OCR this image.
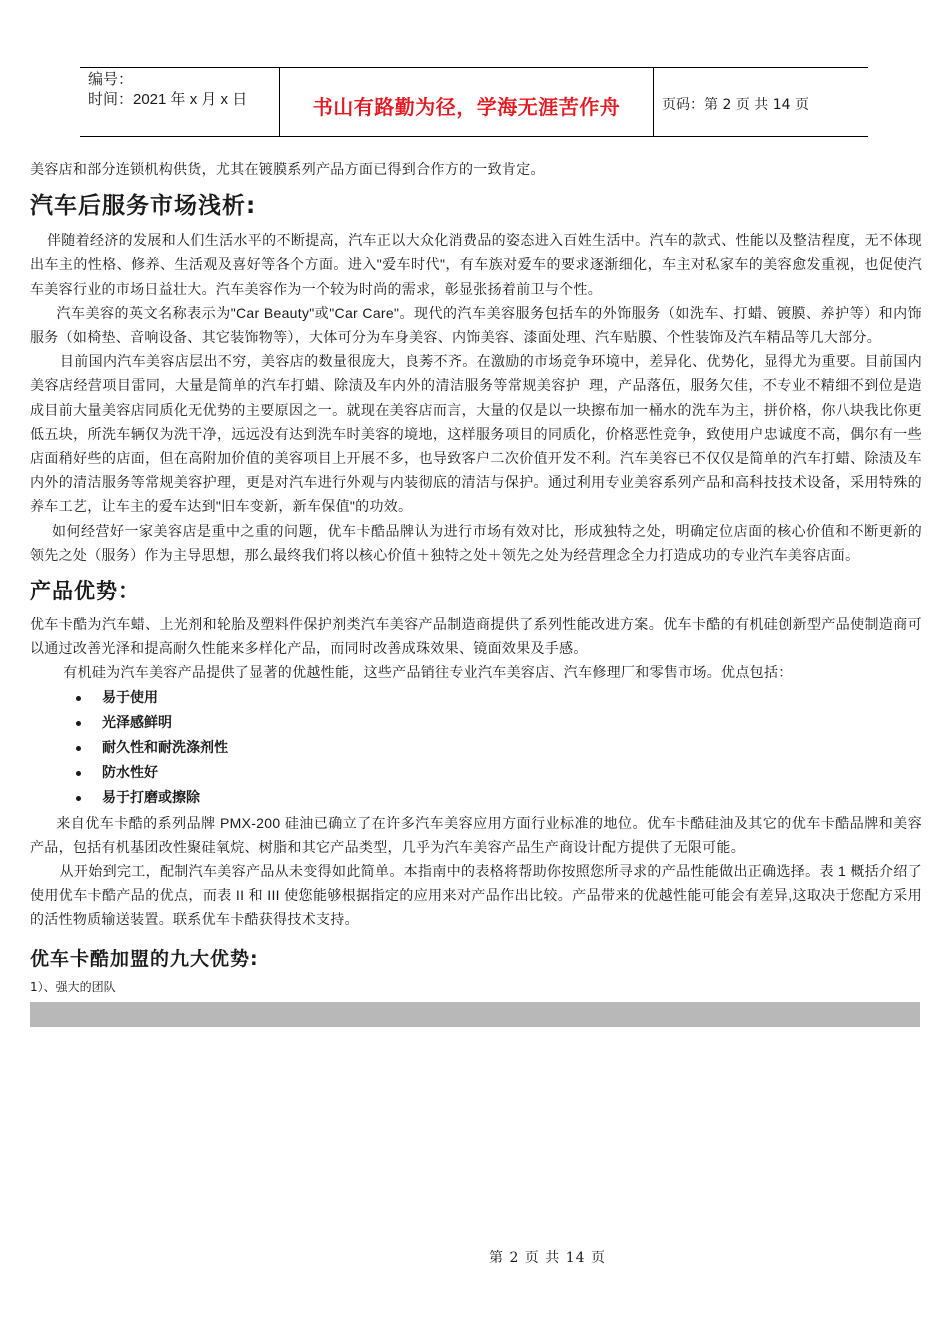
编号：
时间：2021 年 x 月 x 日	书山有路勤为径，学海无涯苦作舟	页码：第 2 页 共 14 页

美容店和部分连锁机构供货，尤其在镀膜系列产品方面已得到合作方的一致肯定。

汽车后服务市场浅析:

伴随着经济的发展和人们生活水平的不断提高，汽车正以大众化消费品的姿态进入百姓生活中。汽车的款式、性能以及整洁程度，无不体现出车主的性格、修养、生活观及喜好等各个方面。进入"爱车时代"，有车族对爱车的要求逐渐细化，车主对私家车的美容愈发重视，也促使汽车美容行业的市场日益壮大。汽车美容作为一个较为时尚的需求，彰显张扬着前卫与个性。

汽车美容的英文名称表示为"Car Beauty"或"Car Care"。现代的汽车美容服务包括车的外饰服务（如洗车、打蜡、镀膜、养护等）和内饰服务（如椅垫、音响设备、其它装饰物等），大体可分为车身美容、内饰美容、漆面处理、汽车贴膜、个性装饰及汽车精品等几大部分。

目前国内汽车美容店层出不穷，美容店的数量很庞大，良莠不齐。在激励的市场竞争环境中，差异化、优势化，显得尤为重要。目前国内美容店经营项目雷同，大量是简单的汽车打蜡、除渍及车内外的清洁服务等常规美容护  理，产品落伍，服务欠佳，不专业不精细不到位是造成目前大量美容店同质化无优势的主要原因之一。就现在美容店而言，大量的仅是以一块擦布加一桶水的洗车为主，拼价格，你八块我比你更低五块，所洗车辆仅为洗干净，远远没有达到洗车时美容的境地，这样服务项目的同质化，价格恶性竞争，致使用户忠诚度不高，偶尔有一些店面稍好些的店面，但在高附加价值的美容项目上开展不多，也导致客户二次价值开发不利。汽车美容已不仅仅是简单的汽车打蜡、除渍及车内外的清洁服务等常规美容护理，更是对汽车进行外观与内装彻底的清洁与保护。通过利用专业美容系列产品和高科技技术设备，采用特殊的养车工艺，让车主的爱车达到"旧车变新，新车保值"的功效。

如何经营好一家美容店是重中之重的问题，优车卡酷品牌认为进行市场有效对比，形成独特之处，明确定位店面的核心价值和不断更新的领先之处（服务）作为主导思想，那么最终我们将以核心价值＋独特之处＋领先之处为经营理念全力打造成功的专业汽车美容店面。

产品优势：

优车卡酷为汽车蜡、上光剂和轮胎及塑料件保护剂类汽车美容产品制造商提供了系列性能改进方案。优车卡酷的有机硅创新型产品使制造商可以通过改善光泽和提高耐久性能来多样化产品，而同时改善成珠效果、镜面效果及手感。

有机硅为汽车美容产品提供了显著的优越性能，这些产品销往专业汽车美容店、汽车修理厂和零售市场。优点包括：

易于使用
光泽感鲜明
耐久性和耐洗涤剂性
防水性好
易于打磨或擦除

来自优车卡酷的系列品牌 PMX-200 硅油已确立了在许多汽车美容应用方面行业标准的地位。优车卡酷硅油及其它的优车卡酷品牌和美容产品，包括有机基团改性聚硅氧烷、树脂和其它产品类型，几乎为汽车美容产品生产商设计配方提供了无限可能。

从开始到完工，配制汽车美容产品从未变得如此简单。本指南中的表格将帮助你按照您所寻求的产品性能做出正确选择。表 1 概括介绍了使用优车卡酷产品的优点，而表 II 和 III 使您能够根据指定的应用来对产品作出比较。产品带来的优越性能可能会有差异,这取决于您配方采用的活性物质输送装置。联系优车卡酷获得技术支持。

优车卡酷加盟的九大优势:
1）、强大的团队
第 2 页 共 14 页
